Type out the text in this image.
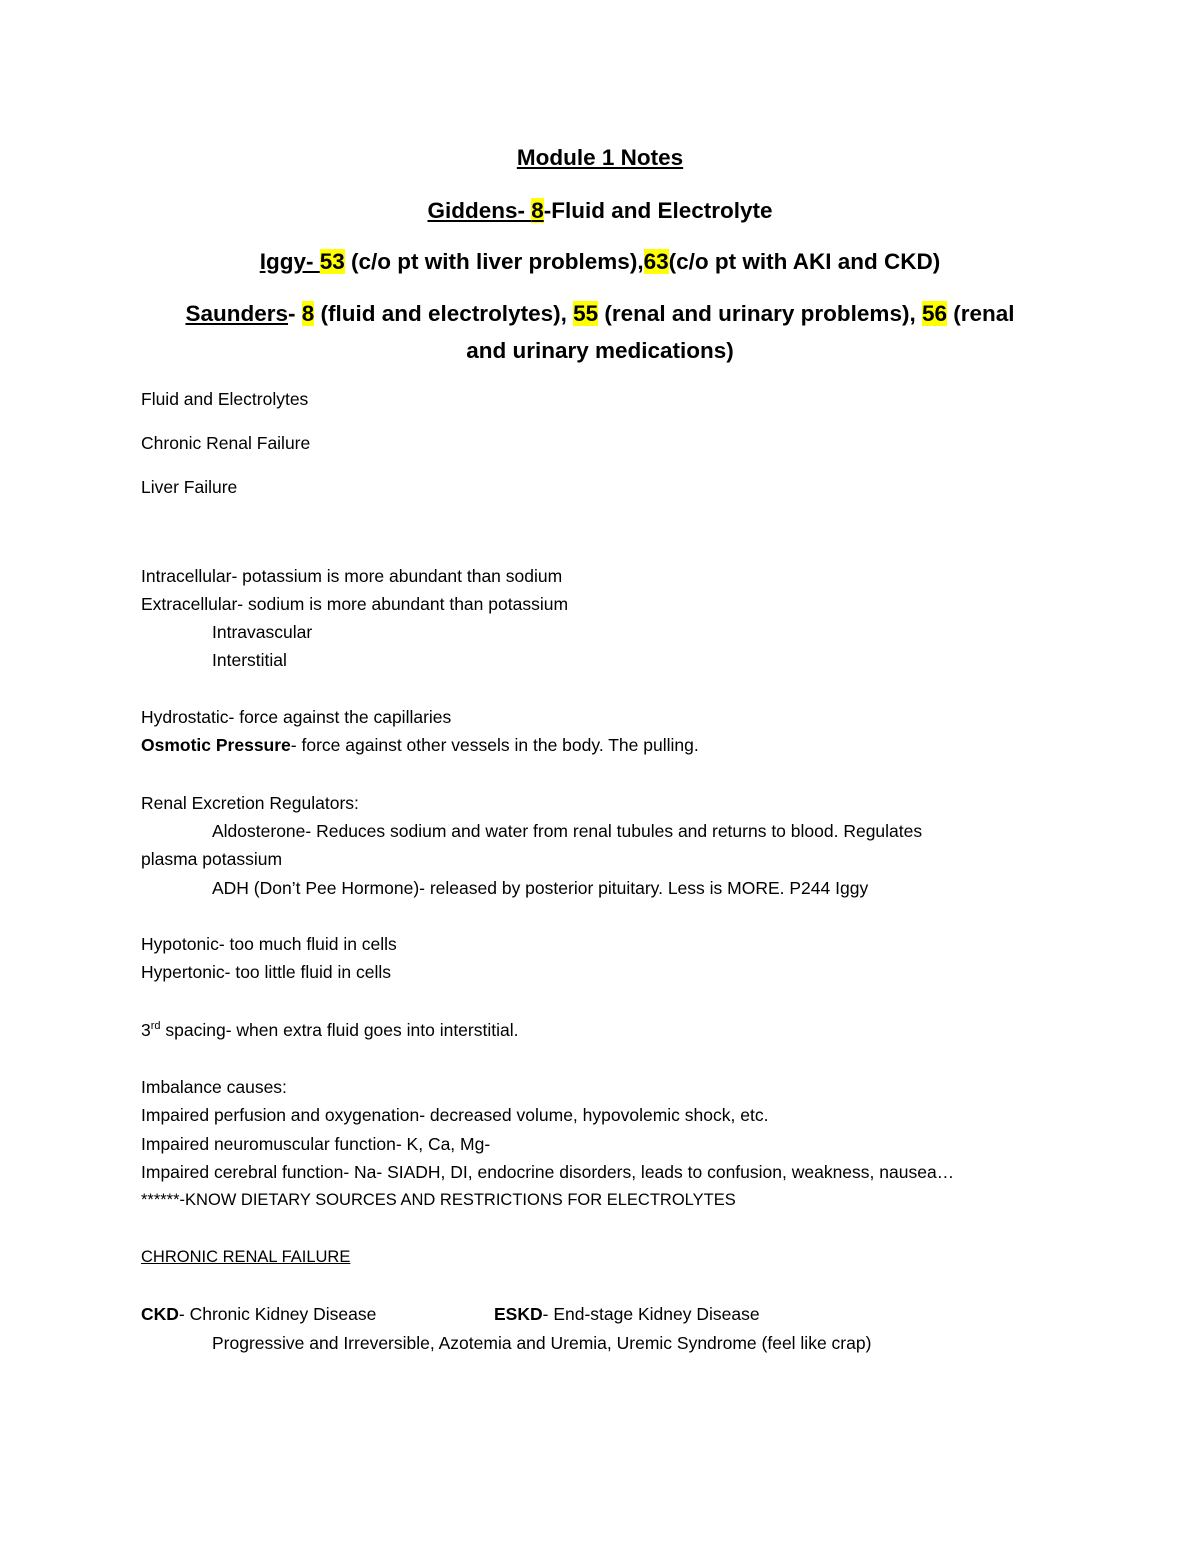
Module 1 Notes
Giddens- 8-Fluid and Electrolyte
Iggy- 53 (c/o pt with liver problems),63(c/o pt with AKI and CKD)
Saunders- 8 (fluid and electrolytes), 55 (renal and urinary problems), 56 (renal
and urinary medications)
Fluid and Electrolytes
Chronic Renal Failure
Liver Failure
Intracellular- potassium is more abundant than sodium
Extracellular- sodium is more abundant than potassium
Intravascular
Interstitial
Hydrostatic- force against the capillaries
Osmotic Pressure- force against other vessels in the body. The pulling.
Renal Excretion Regulators:
Aldosterone- Reduces sodium and water from renal tubules and returns to blood. Regulates
plasma potassium
ADH (Don’t Pee Hormone)- released by posterior pituitary. Less is MORE. P244 Iggy
Hypotonic- too much fluid in cells
Hypertonic- too little fluid in cells
3rd spacing- when extra fluid goes into interstitial.
Imbalance causes:
Impaired perfusion and oxygenation- decreased volume, hypovolemic shock, etc.
Impaired neuromuscular function- K, Ca, Mg-
Impaired cerebral function- Na- SIADH, DI, endocrine disorders, leads to confusion, weakness, nausea…
******-KNOW DIETARY SOURCES AND RESTRICTIONS FOR ELECTROLYTES
CHRONIC RENAL FAILURE
CKD- Chronic Kidney Disease	ESKD- End-stage Kidney Disease
Progressive and Irreversible, Azotemia and Uremia, Uremic Syndrome (feel like crap)
